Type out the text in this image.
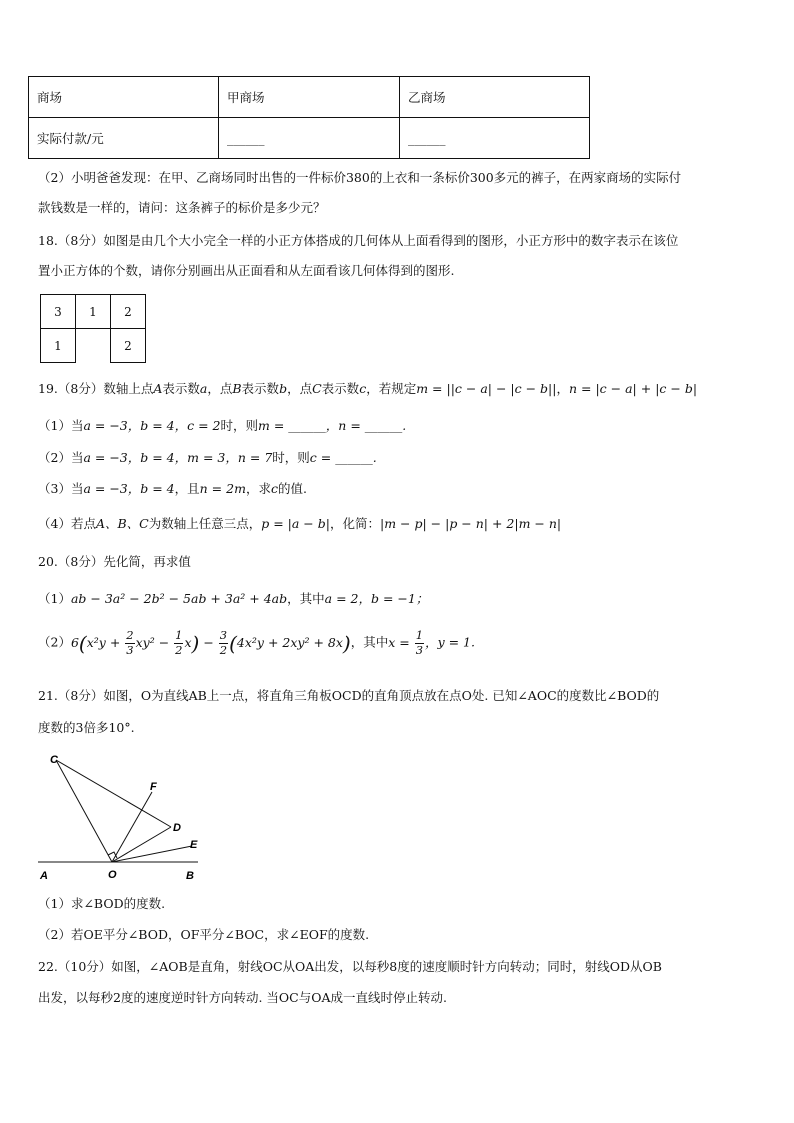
商场	甲商场	乙商场
实际付款/元	______	______
（2）小明爸爸发现：在甲、乙商场同时出售的一件标价380的上衣和一条标价300多元的裤子，在两家商场的实际付
款钱数是一样的，请问：这条裤子的标价是多少元？
18.（8分）如图是由几个大小完全一样的小正方体搭成的几何体从上面看得到的图形，小正方形中的数字表示在该位
置小正方体的个数，请你分别画出从正面看和从左面看该几何体得到的图形.
3	1	2
1		2
19.（8分）数轴上点A表示数a，点B表示数b，点C表示数c，若规定m = ||c − a| − |c − b||，n = |c − a| + |c − b|
（1）当a = −3，b = 4，c = 2时，则m = ______，n = ______.
（2）当a = −3，b = 4，m = 3，n = 7时，则c = ______.
（3）当a = −3，b = 4，且n = 2m，求c的值.
（4）若点A、B、C为数轴上任意三点，p = |a − b|，化简：|m − p| − |p − n| + 2|m − n|
20.（8分）先化简，再求值
（1）ab − 3a² − 2b² − 5ab + 3a² + 4ab，其中a = 2，b = −1；
$(2)6(x^2y + \frac{2}{3} xy^2 - \frac{1}{2} x) - \frac{3}{2} (4x^2y + 2xy^2 + 8x)$，其中$x = \frac{1}{3}$ ，y = 1.
21.（8分）如图，O为直线AB上一点，将直角三角板OCD的直角顶点放在点O处. 已知∠AOC的度数比∠BOD的
度数的3倍多10°.
C
F
D
E
A	O	B
（1）求∠BOD的度数.
（2）若OE平分∠BOD，OF平分∠BOC，求∠EOF的度数.
22.（10分）如图，∠AOB是直角，射线OC从OA出发，以每秒8度的速度顺时针方向转动；同时，射线OD从OB
出发，以每秒2度的速度逆时针方向转动. 当OC与OA成一直线时停止转动.
